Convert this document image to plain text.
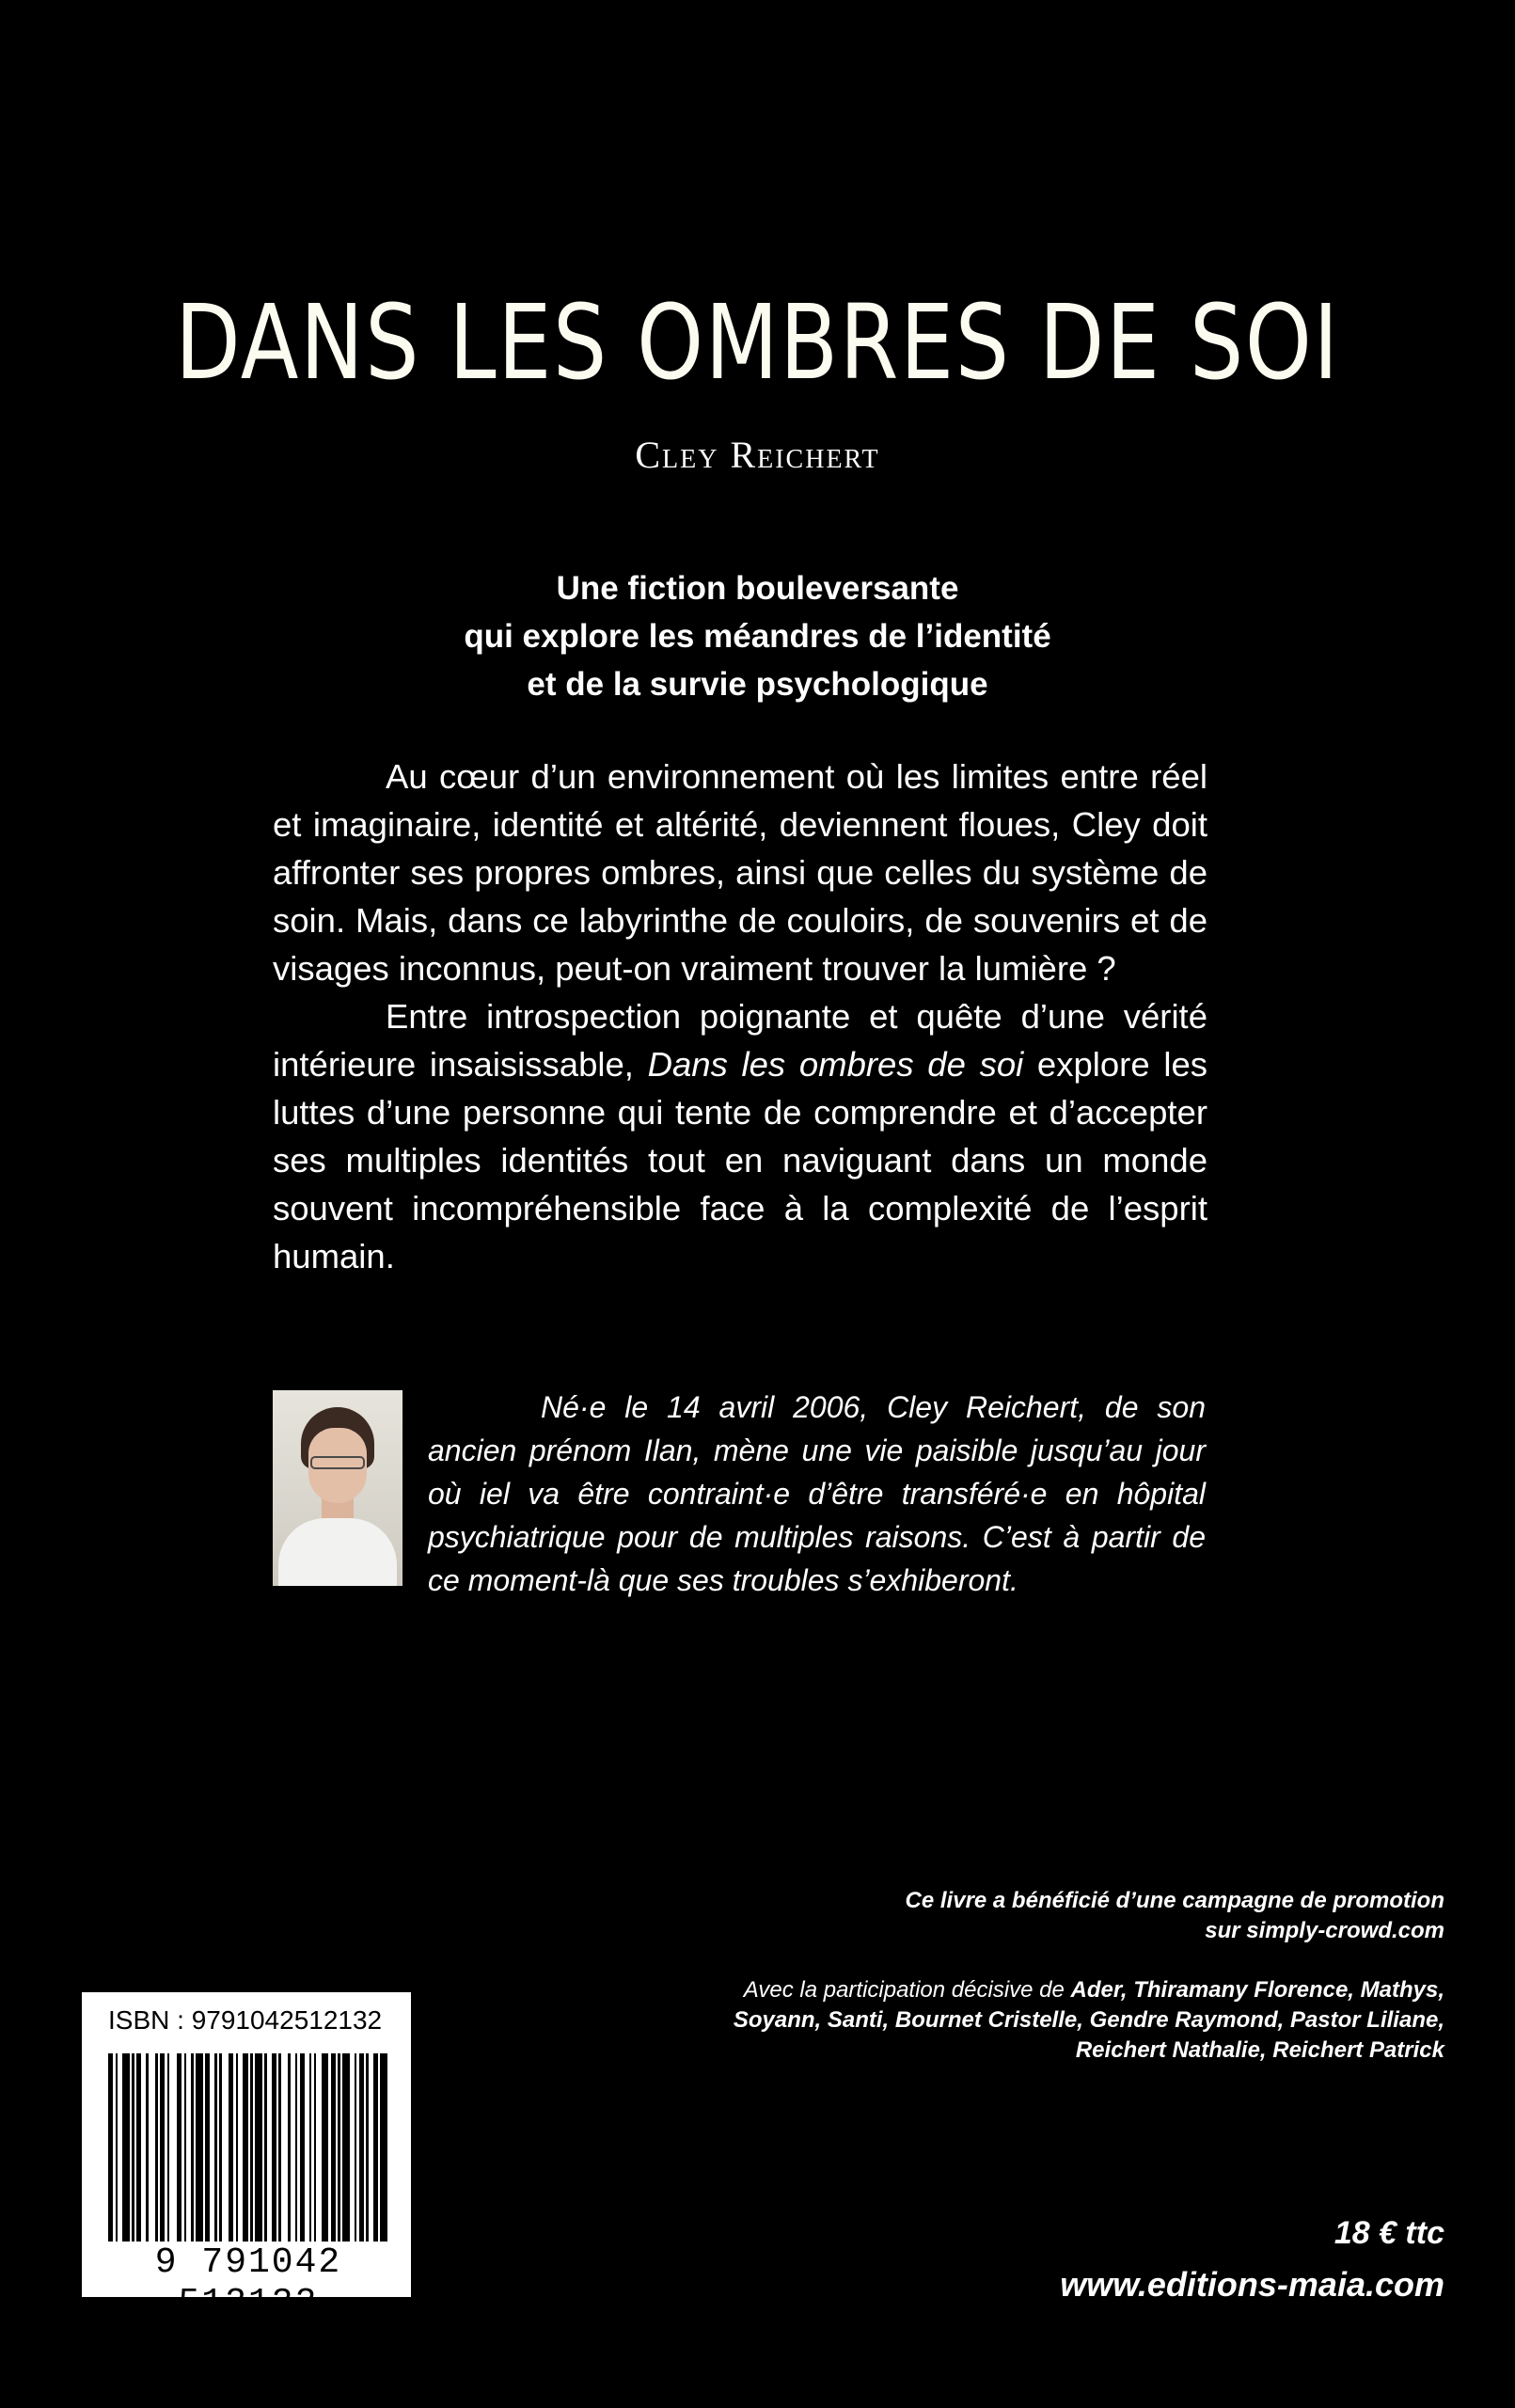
DANS LES OMBRES DE SOI
Cley Reichert
Une fiction bouleversante
qui explore les méandres de l’identité
et de la survie psychologique

Au cœur d’un environnement où les limites entre réel et imaginaire, identité et altérité, deviennent floues, Cley doit affronter ses propres ombres, ainsi que celles du système de soin. Mais, dans ce labyrinthe de couloirs, de souvenirs et de visages inconnus, peut-on vraiment trouver la lumière ?

Entre introspection poignante et quête d’une vérité intérieure insaisissable, Dans les ombres de soi explore les luttes d’une personne qui tente de comprendre et d’accepter ses multiples identités tout en naviguant dans un monde souvent incompréhensible face à la complexité de l’esprit humain.

Né·e le 14 avril 2006, Cley Reichert, de son ancien prénom Ilan, mène une vie paisible jusqu’au jour où iel va être contraint·e d’être transféré·e en hôpital psychiatrique pour de multiples raisons. C’est à partir de ce moment-là que ses troubles s’exhiberont.
Ce livre a bénéficié d’une campagne de promotion
sur simply-crowd.com
Avec la participation décisive de Ader, Thiramany Florence, Mathys, Soyann, Santi, Bournet Cristelle, Gendre Raymond, Pastor Liliane, Reichert Nathalie, Reichert Patrick
ISBN : 9791042512132
9 791042 512132
18 € ttc
www.editions-maia.com
